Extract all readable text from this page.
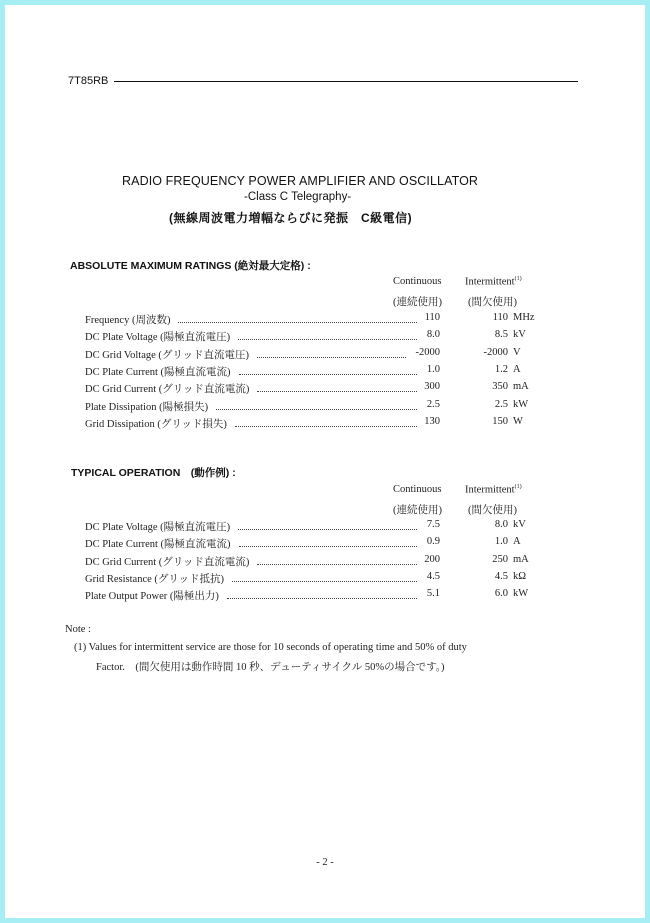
7T85RB
RADIO FREQUENCY POWER AMPLIFIER AND OSCILLATOR
-Class C Telegraphy-
(無線周波電力増幅ならびに発振　C級電信)
ABSOLUTE MAXIMUM RATINGS (絶対最大定格) :
Continuous Intermittent$^{(1)}$
(連続使用) (間欠使用)
Frequency (周波数)	110	110 MHz
DC Plate Voltage (陽極直流電圧)	8.0	8.5 kV
DC Grid Voltage (グリッド直流電圧)	-2000	-2000 V
DC Plate Current (陽極直流電流)	1.0	1.2 A
DC Grid Current (グリッド直流電流)	300	350 mA
Plate Dissipation (陽極損失)	2.5	2.5 kW
Grid Dissipation (グリッド損失)	130	150 W
TYPICAL OPERATION　(動作例) :
Continuous Intermittent$^{(1)}$
(連続使用) (間欠使用)
DC Plate Voltage (陽極直流電圧)	7.5	8.0 kV
DC Plate Current (陽極直流電流)	0.9	1.0 A
DC Grid Current (グリッド直流電流)	200	250 mA
Grid Resistance (グリッド抵抗)	4.5	4.5 kΩ
Plate Output Power (陽極出力)	5.1	6.0 kW
Note :
(1) Values for intermittent service are those for 10 seconds of operating time and 50% of duty
Factor.　(間欠使用は動作時間 10 秒、デューティサイクル 50%の場合です。)
- 2 -
